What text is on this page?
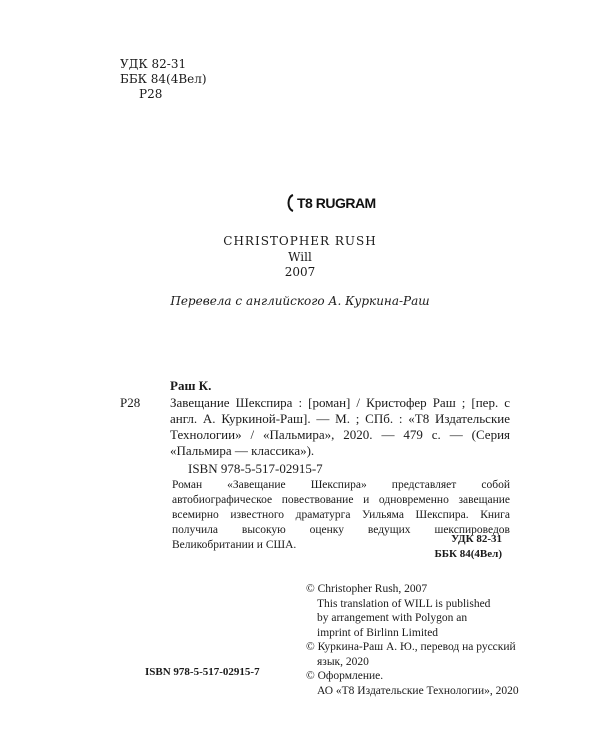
УДК 82-31
ББК 84(4Вел)
Р28
T8 RUGRAM
CHRISTOPHER RUSH
Will
2007
Перевела с английского А. Куркина-Раш
Раш К.
Р28	Завещание Шекспира : [роман] / Кристофер Раш ; [пер. с англ. А. Куркиной-Раш]. — М. ; СПб. : «Т8 Издательские Технологии» / «Пальмира», 2020. — 479 с. — (Серия «Пальмира — классика»).
ISBN 978-5-517-02915-7
Роман «Завещание Шекспира» представляет собой автобиографическое повествование и одновременно завещание всемирно известного драматурга Уильяма Шекспира. Книга получила высокую оценку ведущих шекспироведов Великобритании и США.	УДК 82-31
ББК 84(4Вел)
© Christopher Rush, 2007
This translation of WILL is published
by arrangement with Polygon an
imprint of Birlinn Limited
© Куркина-Раш А. Ю., перевод на русский
язык, 2020
© Оформление.
АО «Т8 Издательские Технологии», 2020
ISBN 978-5-517-02915-7
